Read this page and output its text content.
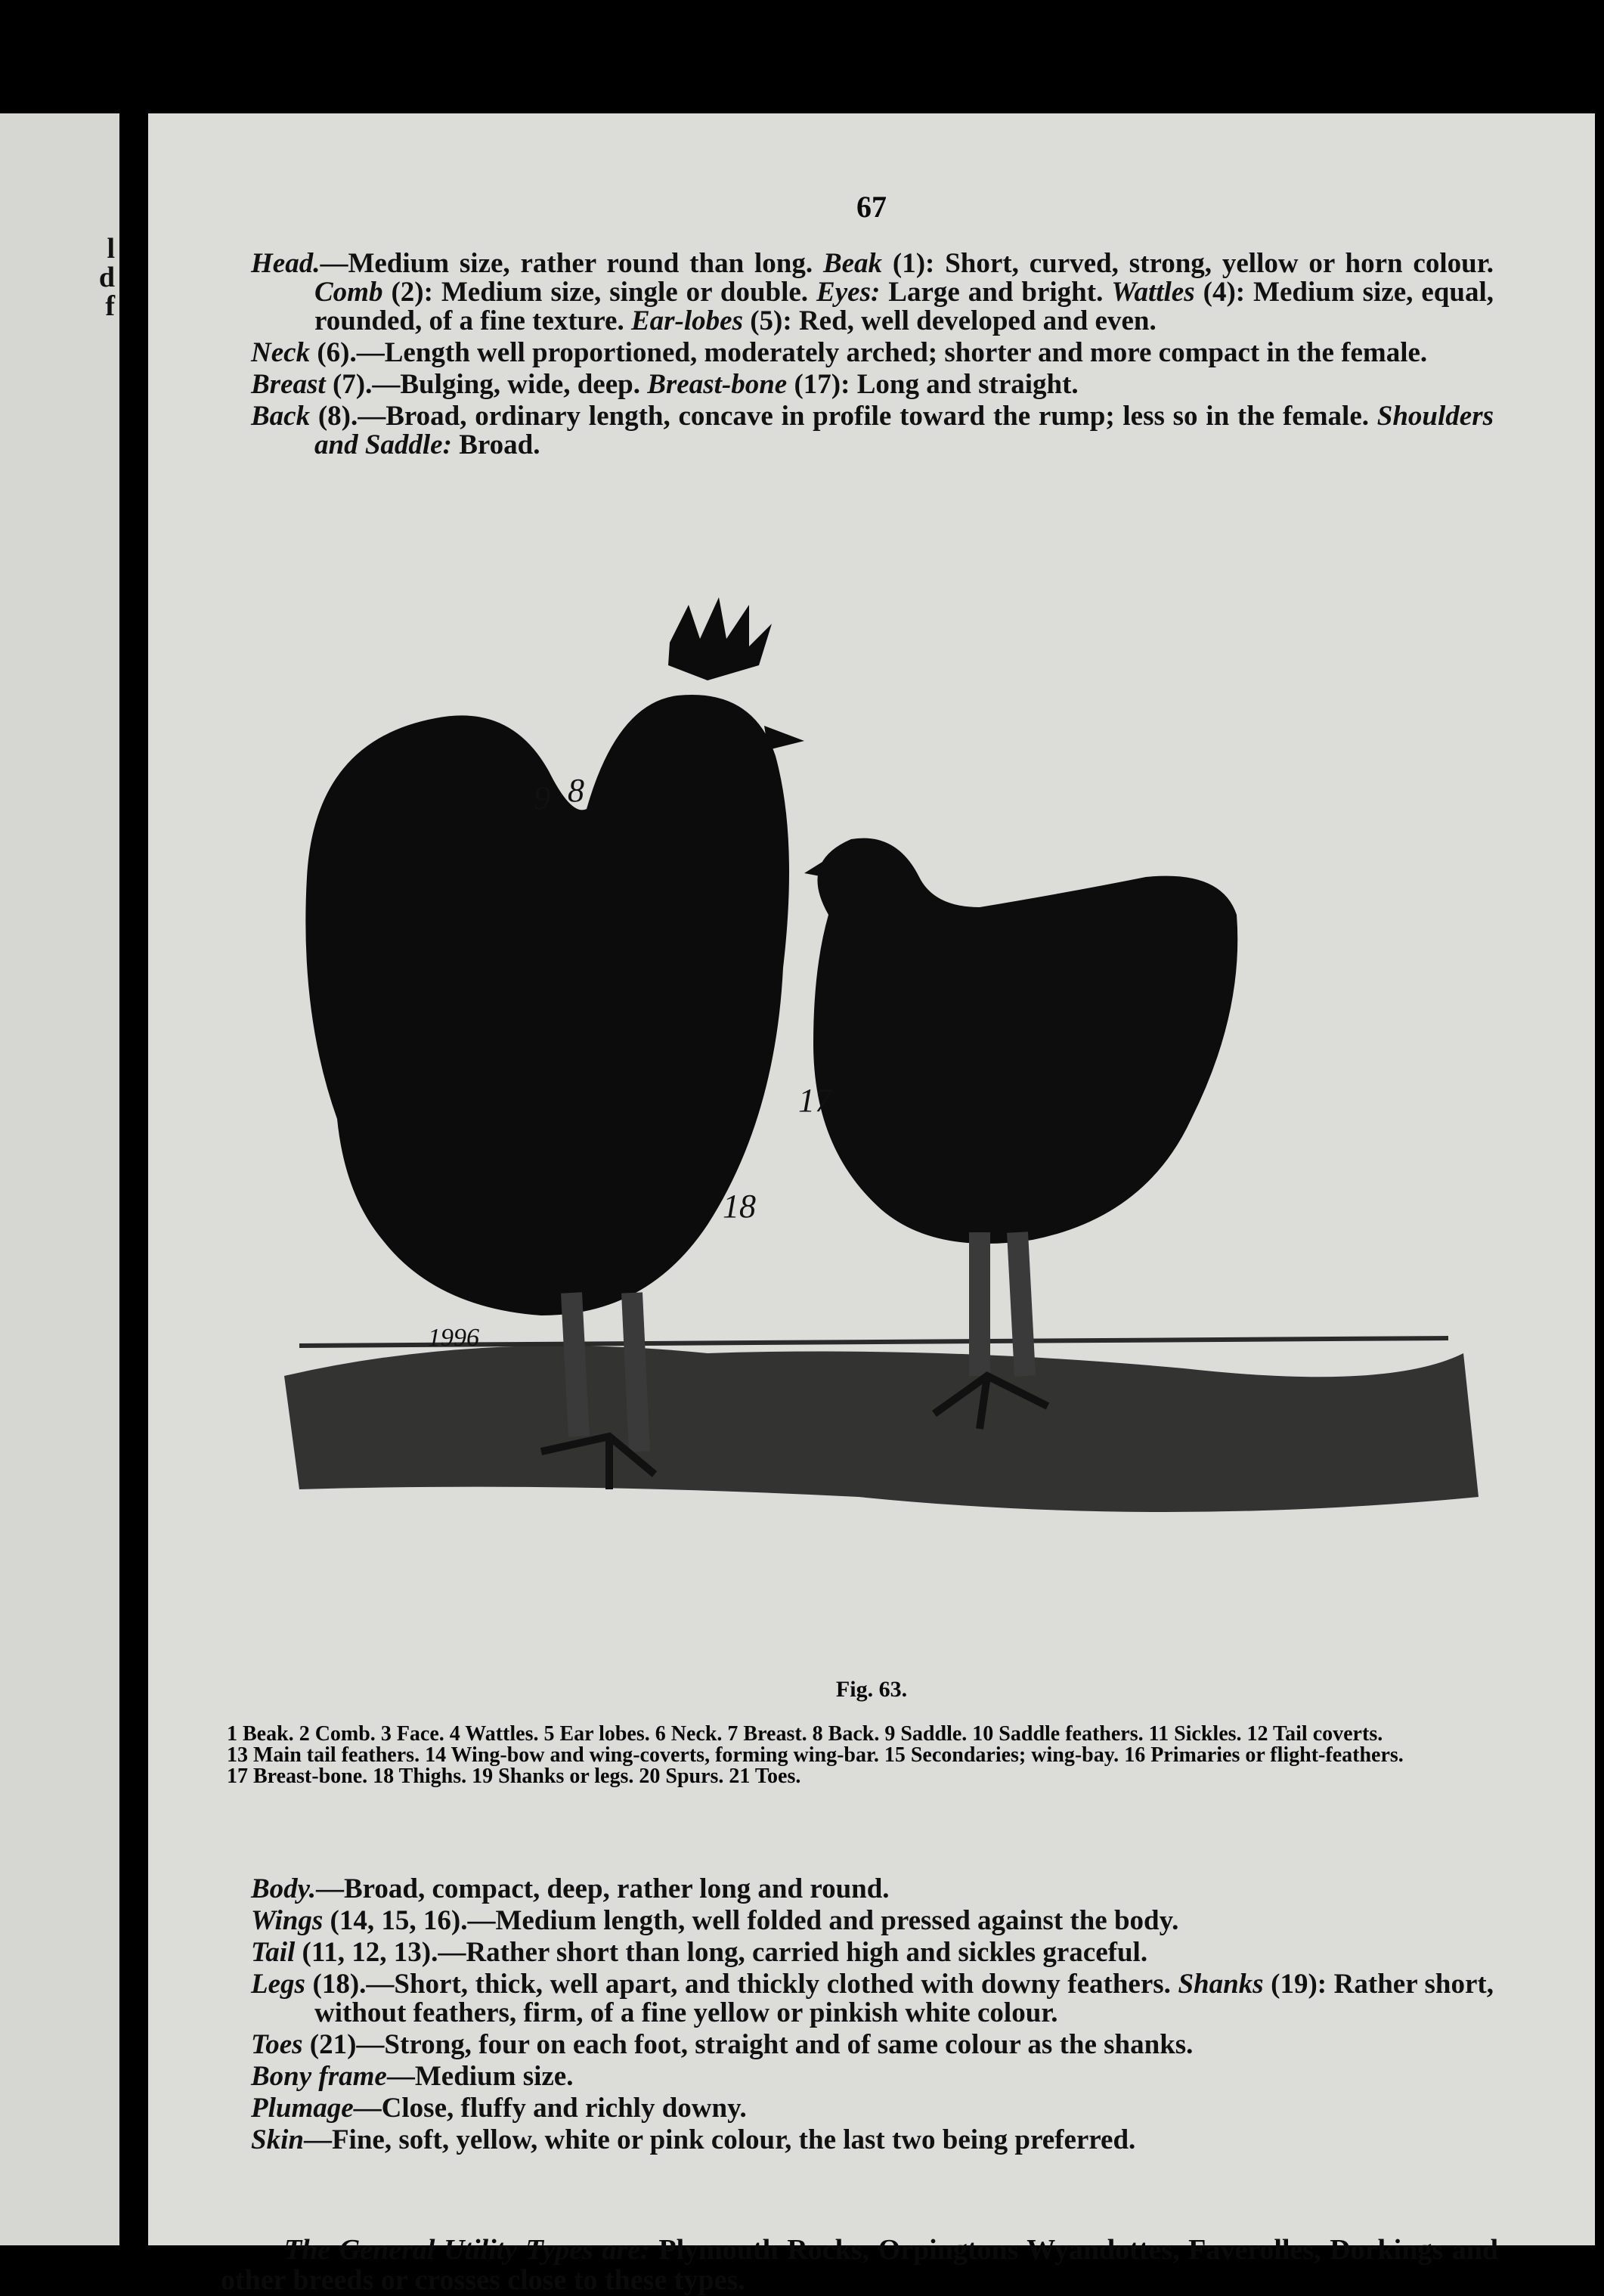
l
d
f
67

Head.—Medium size, rather round than long. Beak (1): Short, curved, strong, yellow or horn colour. Comb (2): Medium size, single or double. Eyes: Large and bright. Wattles (4): Medium size, equal, rounded, of a fine texture. Ear-lobes (5): Red, well developed and even.

Neck (6).—Length well proportioned, moderately arched; shorter and more compact in the female.

Breast (7).—Bulging, wide, deep. Breast-bone (17): Long and straight.

Back (8).—Broad, ordinary length, concave in profile toward the rump; less so in the female. Shoulders and Saddle: Broad.

9 8
17
18
1996
Fig. 63.
1 Beak. 2 Comb. 3 Face. 4 Wattles. 5 Ear lobes. 6 Neck. 7 Breast. 8 Back. 9 Saddle. 10 Saddle feathers. 11 Sickles. 12 Tail coverts. 13 Main tail feathers. 14 Wing-bow and wing-coverts, forming wing-bar. 15 Secondaries; wing-bay. 16 Primaries or flight-feathers. 17 Breast-bone. 18 Thighs. 19 Shanks or legs. 20 Spurs. 21 Toes.

Body.—Broad, compact, deep, rather long and round.

Wings (14, 15, 16).—Medium length, well folded and pressed against the body.

Tail (11, 12, 13).—Rather short than long, carried high and sickles graceful.

Legs (18).—Short, thick, well apart, and thickly clothed with downy feathers. Shanks (19): Rather short, without feathers, firm, of a fine yellow or pinkish white colour.

Toes (21)—Strong, four on each foot, straight and of same colour as the shanks.

Bony frame—Medium size.

Plumage—Close, fluffy and richly downy.

Skin—Fine, soft, yellow, white or pink colour, the last two being preferred.

The General Utility Types are: Plymouth Rocks, Orpingtons Wyandottes, Faverolles, Dorkings and other breeds or crosses close to these types.
